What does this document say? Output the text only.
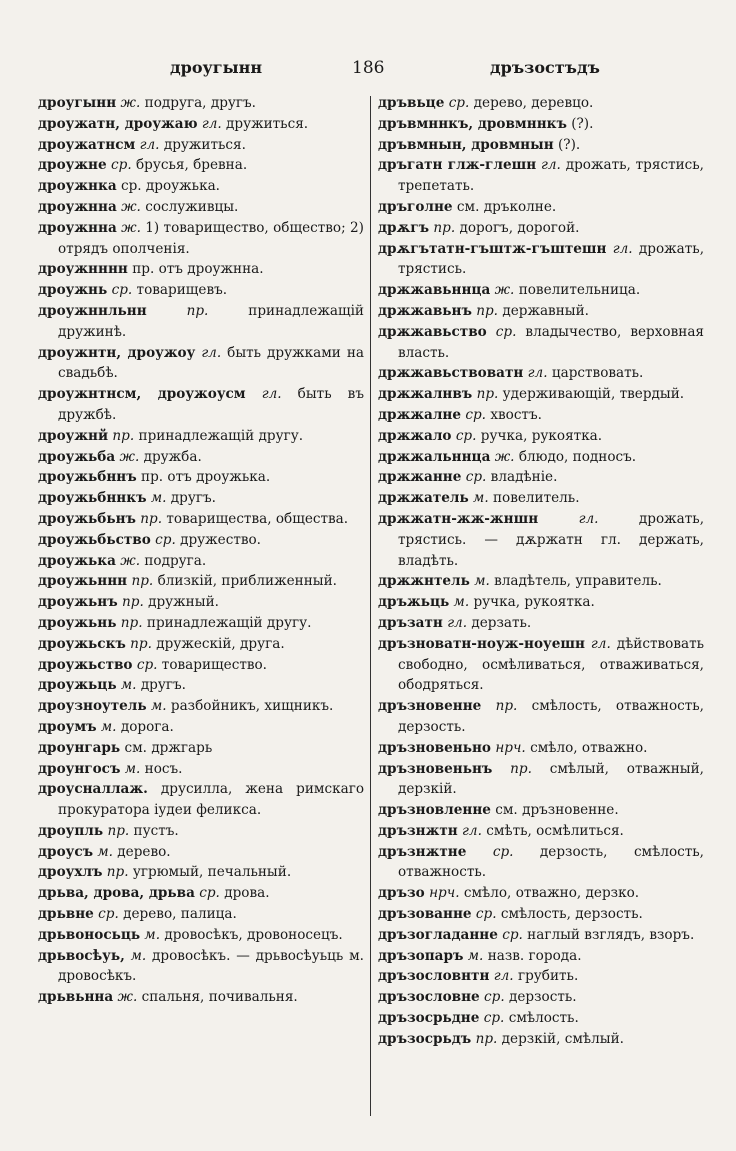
дроугынн	186	дръзостъдъ

дроугынн ж. подруга, другъ.

дроужатн, дроужаю гл. дружиться.

дроужатнсм гл. дружиться.

дроужне ср. брусья, бревна.

дроужнка ср. дроужька.

дроужнна ж. сослуживцы.

дроужнна ж. 1) товарищество, общество; 2) отрядъ ополченія.

дроужнннн пр. отъ дроужнна.

дроужнь ср. товарищевъ.

дроужннльнн	пр.	принадлежащій дружинѣ.

дроужнтн, дроужоу гл. быть дружками на свадьбѣ.

дроужнтнсм, дроужоусм гл. быть въ дружбѣ.

дроужнй пр. принадлежащій другу.

дроужьба ж. дружба.

дроужьбннъ пр. отъ дроужька.

дроужьбннкъ м. другъ.

дроужьбьнъ пр. товарищества, общества.

дроужьбьство ср. дружество.

дроужька ж. подруга.

дроужьннн пр. близкій, приближенный.

дроужьнъ пр. дружный.

дроужьнь пр. принадлежащій другу.

дроужьскъ пр. дружескій, друга.

дроужьство ср. товарищество.

дроужьць м. другъ.

дроузноутель м. разбойникъ, хищникъ.

дроумъ м. дорога.

дроунгарь см. држгарь

дроунгосъ м. носъ.

дроусналлаж. друсилла, жена римскаго прокуратора іудеи феликса.

дроупль пр. пустъ.

дроусъ м. дерево.

дроухлъ пр. угрюмый, печальный.

дрьва, дрова, дрьва ср. дрова.

дрьвне ср. дерево, палица.

дрьвоносьць м. дровосѣкъ, дровоносецъ.

дрьвосѣуь, м. дровосѣкъ. — дрьвосѣуьць м. дровосѣкъ.

дрьвьнна ж. спальня, почивальня.

дръвьце ср. дерево, деревцо.

дръвмннкъ, дровмннкъ (?).

дръвмнын, дровмнын (?).

дръгатн глж-глешн гл. дрожать, трястись, трепетать.

дръголне см. дръколне.

дрѫгъ пр. дорогъ, дорогой.

дрѫгътатн-гъштж-гъштешн гл. дрожать, трястись.

држжавьннца ж. повелительница.

држжавьнъ пр. державный.

држжавьство ср. владычество, верховная власть.

држжавьствоватн гл. царствовать.

држжалнвъ пр. удерживающій, твердый.

држжалне ср. хвостъ.

држжало ср. ручка, рукоятка.

држжальннца ж. блюдо, подносъ.

држжанне ср. владѣніе.

држжатель м. повелитель.

држжатн-жж-жншн	гл.	дрожать, трястись. — дѫржатн гл. держать, владѣть.

држжнтель м. владѣтель, управитель.

дръжьць м. ручка, рукоятка.

дръзатн гл. дерзать.

дръзноватн-ноуж-ноуешн гл. дѣйствовать свободно, осмѣливаться, отваживаться, ободряться.

дръзновенне пр. смѣлость, отважность, дерзость.

дръзновеньно нрч. смѣло, отважно.

дръзновеньнъ пр. смѣлый, отважный, дерзкій.

дръзновленне см. дръзновенне.

дръзнжтн гл. смѣть, осмѣлиться.

дръзнжтне ср. дерзость, смѣлость, отважность.

дръзо нрч. смѣло, отважно, дерзко.

дръзованне ср. смѣлость, дерзость.

дръзогладанне ср. наглый взглядъ, взоръ.

дръзопаръ м. назв. города.

дръзословнтн гл. грубить.

дръзословне ср. дерзость.

дръзосрьдне ср. смѣлость.

дръзосрьдъ пр. дерзкій, смѣлый.
